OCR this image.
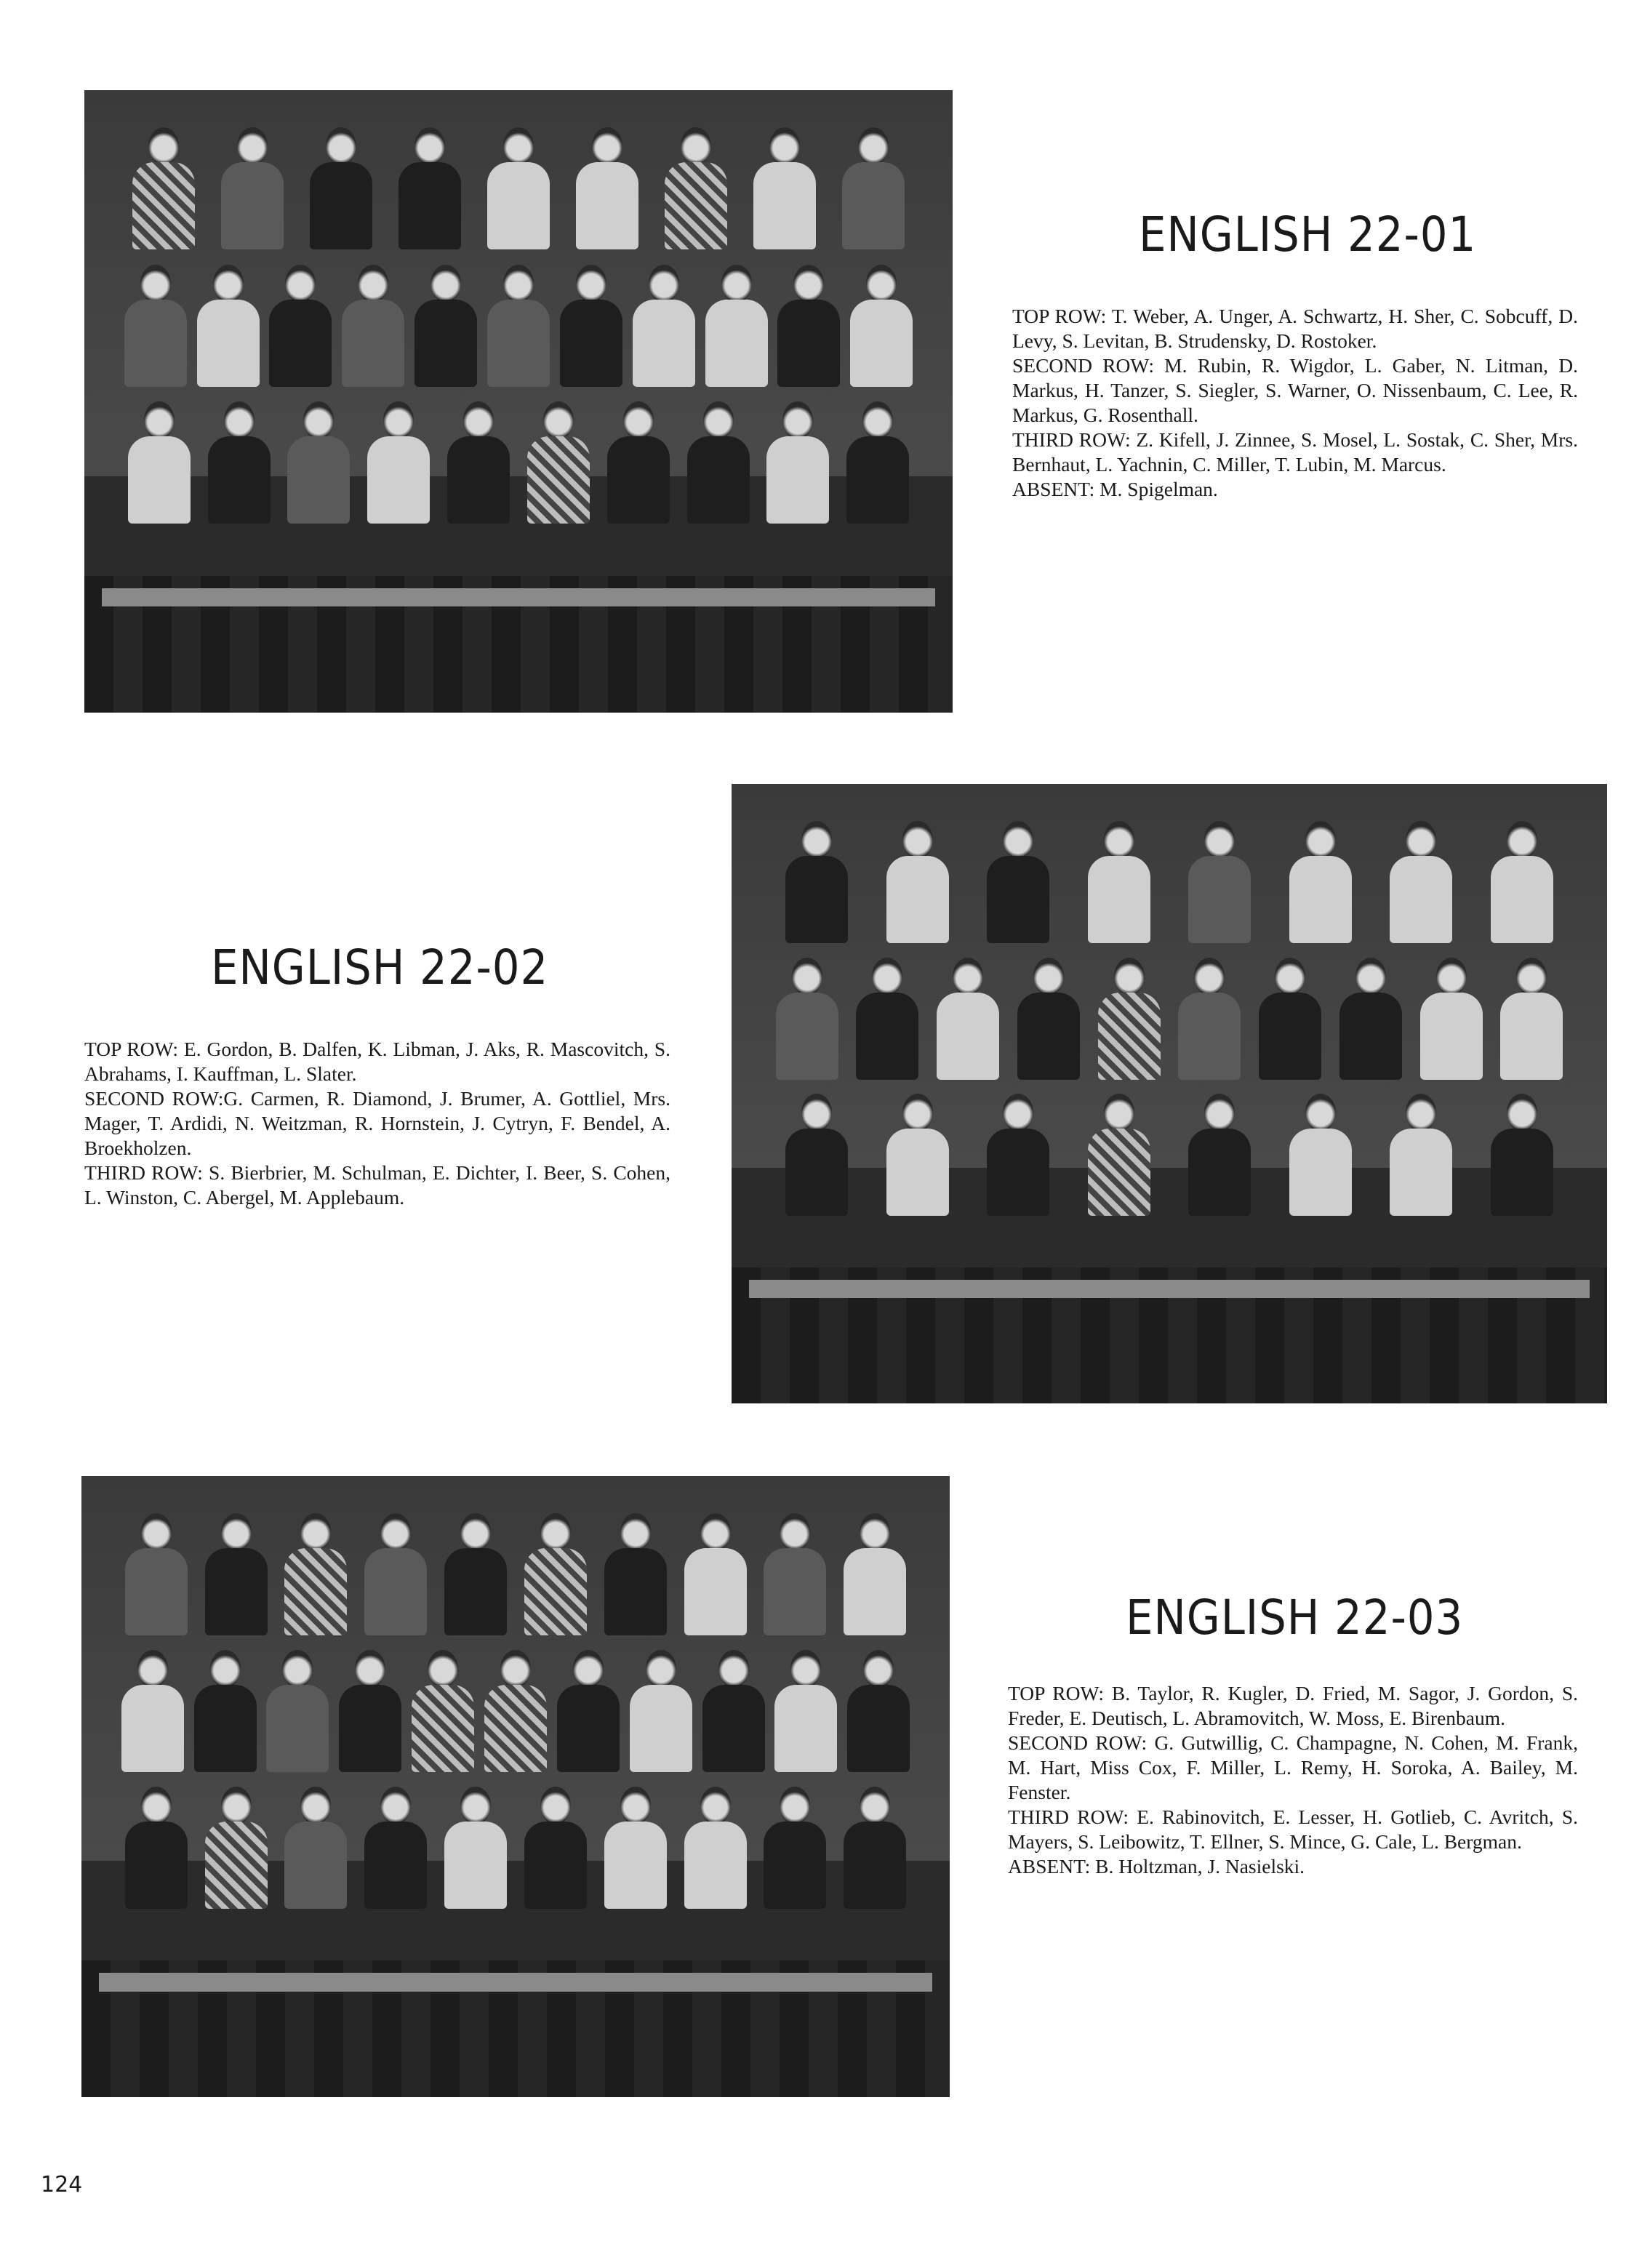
ENGLISH 22-01

TOP ROW: T. Weber, A. Unger, A. Schwartz, H. Sher, C. Sobcuff, D. Levy, S. Levitan, B. Strudensky, D. Rostoker.

SECOND ROW: M. Rubin, R. Wigdor, L. Gaber, N. Litman, D. Markus, H. Tanzer, S. Siegler, S. Warner, O. Nissenbaum, C. Lee, R. Markus, G. Rosenthall.

THIRD ROW: Z. Kifell, J. Zinnee, S. Mosel, L. Sostak, C. Sher, Mrs. Bernhaut, L. Yachnin, C. Miller, T. Lubin, M. Marcus.

ABSENT: M. Spigelman.

ENGLISH 22-02

TOP ROW: E. Gordon, B. Dalfen, K. Libman, J. Aks, R. Mascovitch, S. Abrahams, I. Kauffman, L. Slater.

SECOND ROW:G. Carmen, R. Diamond, J. Brumer, A. Gottliel, Mrs. Mager, T. Ardidi, N. Weitzman, R. Hornstein, J. Cytryn, F. Bendel, A. Broekholzen.

THIRD ROW: S. Bierbrier, M. Schulman, E. Dichter, I. Beer, S. Cohen, L. Winston, C. Abergel, M. Applebaum.

ENGLISH 22-03

TOP ROW: B. Taylor, R. Kugler, D. Fried, M. Sagor, J. Gordon, S. Freder, E. Deutisch, L. Abramovitch, W. Moss, E. Birenbaum.

SECOND ROW: G. Gutwillig, C. Champagne, N. Cohen, M. Frank, M. Hart, Miss Cox, F. Miller, L. Remy, H. Soroka, A. Bailey, M. Fenster.

THIRD ROW: E. Rabinovitch, E. Lesser, H. Gotlieb, C. Avritch, S. Mayers, S. Leibowitz, T. Ellner, S. Mince, G. Cale, L. Bergman.

ABSENT: B. Holtzman, J. Nasielski.

124
